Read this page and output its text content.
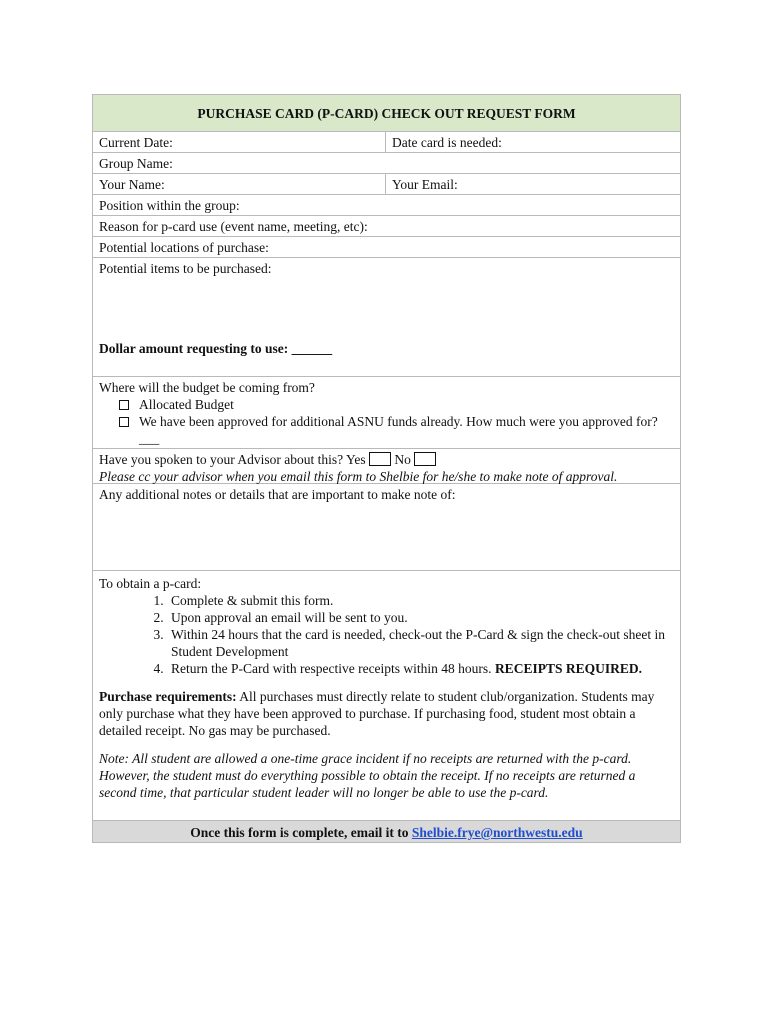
PURCHASE CARD (P-CARD) CHECK OUT REQUEST FORM
Current Date:	Date card is needed:
Group Name:
Your Name:	Your Email:
Position within the group:
Reason for p-card use (event name, meeting, etc):
Potential locations of purchase:
Potential items to be purchased:
Dollar amount requesting to use: ______
Where will the budget be coming from?
Allocated Budget
We have been approved for additional ASNU funds already. How much were you approved for? ___
Have you spoken to your Advisor about this? Yes No
Please cc your advisor when you email this form to Shelbie for he/she to make note of approval.
Any additional notes or details that are important to make note of:
To obtain a p-card:
1. Complete & submit this form.
2. Upon approval an email will be sent to you.
3. Within 24 hours that the card is needed, check-out the P-Card & sign the check-out sheet in Student Development
4. Return the P-Card with respective receipts within 48 hours. RECEIPTS REQUIRED.
Purchase requirements: All purchases must directly relate to student club/organization. Students may only purchase what they have been approved to purchase. If purchasing food, student most obtain a detailed receipt. No gas may be purchased.
Note: All student are allowed a one-time grace incident if no receipts are returned with the p-card. However, the student must do everything possible to obtain the receipt. If no receipts are returned a second time, that particular student leader will no longer be able to use the p-card.
Once this form is complete, email it to Shelbie.frye@northwestu.edu
